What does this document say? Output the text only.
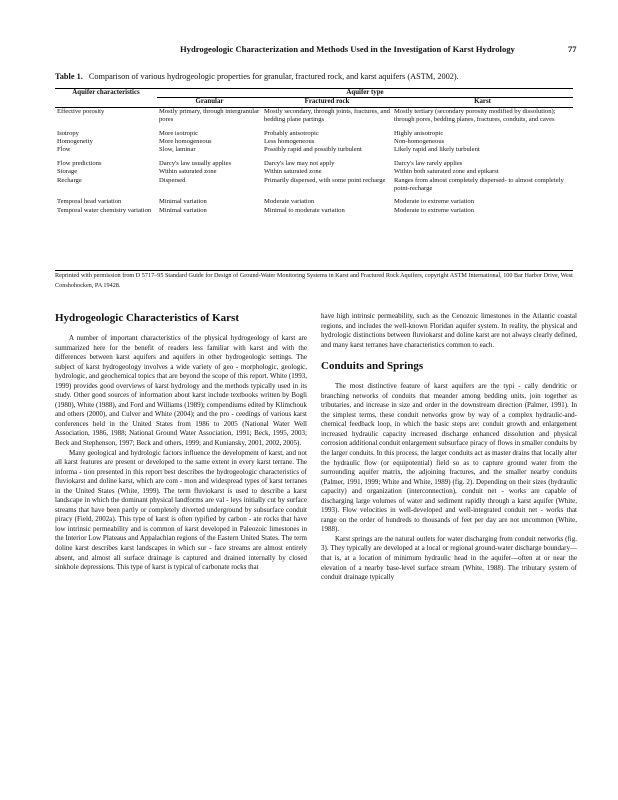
Hydrogeologic Characterization and Methods Used in the Investigation of Karst Hydrology	77
Table 1. Comparison of various hydrogeologic properties for granular, fractured rock, and karst aquifers (ASTM, 2002).
Aquifer characteristics	Aquifer type		
	Granular	Fractured rock	Karst
Effective porosity	Mostly primary, through intergranular pores	Mostly secondary, through joints, fractures, and bedding plane partings	Mostly tertiary (secondary porosity modified by dissolution); through pores, bedding planes, fractures, conduits, and caves

Isotropy	More isotropic	Probably anisotropic	Highly anisotropic
Homogeneity	More homogeneous	Less homogeneous	Non-homogeneous
Flow	Slow, laminar	Possibly rapid and possibly turbulent	Likely rapid and likely turbulent

Flow predictions	Darcy's law usually applies	Darcy's law may not apply	Darcy's law rarely applies
Storage	Within saturated zone	Within saturated zone	Within both saturated zone and epikarst
Recharge	Dispersed	Primarily dispersed, with some point recharge	Ranges from almost completely dispersed- to almost completely point-recharge

Temporal head variation	Minimal variation	Moderate variation	Moderate to extreme variation
Temporal water chemistry variation	Minimal variation	Minimal to moderate variation	Moderate to extreme variation
Reprinted with permission from D 5717–95 Standard Guide for Design of Ground-Water Monitoring Systems in Karst and Fractured Rock Aquifers, copyright ASTM International, 100 Bar Harbor Drive, West Conshohocken, PA 19428.
Hydrogeologic Characteristics of Karst

A number of important characteristics of the physical hydrogeology of karst are summarized here for the benefit of readers less familiar with karst and with the differences between karst aquifers and aquifers in other hydrogeologic settings. The subject of karst hydrogeology involves a wide variety of geo - morphologic, geologic, hydrologic, and geochemical topics that are beyond the scope of this report. White (1993, 1999) provides good overviews of karst hydrology and the methods typically used in its study. Other good sources of information about karst include textbooks written by Bogli (1980), White (1988), and Ford and Williams (1989); compendiums edited by Klimchouk and others (2000), and Culver and White (2004); and the pro - ceedings of various karst conferences held in the United States from 1986 to 2005 (National Water Well Association, 1986, 1988; National Ground Water Association, 1991; Beck, 1995, 2003; Beck and Stephenson, 1997; Beck and others, 1999; and Kuniansky, 2001, 2002, 2005).

Many geological and hydrologic factors influence the development of karst, and not all karst features are present or developed to the same extent in every karst terrane. The informa - tion presented in this report best describes the hydrogeologic characteristics of fluviokarst and doline karst, which are com - mon and widespread types of karst terranes in the United States (White, 1999). The term fluviokarst is used to describe a karst landscape in which the dominant physical landforms are val - leys initially cut by surface streams that have been partly or completely diverted underground by subsurface conduit piracy (Field, 2002a). This type of karst is often typified by carbon - ate rocks that have low intrinsic permeability and is common of karst developed in Paleozoic limestones in the Interior Low Plateaus and Appalachian regions of the Eastern United States. The term doline karst describes karst landscapes in which sur - face streams are almost entirely absent, and almost all surface drainage is captured and drained internally by closed sinkhole depressions. This type of karst is typical of carbonate rocks that

have high intrinsic permeability, such as the Cenozoic limestones in the Atlantic coastal regions, and includes the well-known Floridan aquifer system. In reality, the physical and hydrologic distinctions between fluviokarst and doline karst are not always clearly defined, and many karst terranes have characteristics common to each.

Conduits and Springs

The most distinctive feature of karst aquifers are the typi - cally dendritic or branching networks of conduits that meander among bedding units, join together as tributaries, and increase in size and order in the downstream direction (Palmer, 1991). In the simplest terms, these conduit networks grow by way of a complex hydraulic-and-chemical feedback loop, in which the basic steps are: conduit growth and enlargement increased hydraulic capacity increased discharge enhanced dissolution and physical corrosion additional conduit enlargement subsurface piracy of flows in smaller conduits by the larger conduits. In this process, the larger conduits act as master drains that locally alter the hydraulic flow (or equipotential) field so as to capture ground water from the surrounding aquifer matrix, the adjoining fractures, and the smaller nearby conduits (Palmer, 1991, 1999; White and White, 1989) (fig. 2). Depending on their sizes (hydraulic capacity) and organization (interconnection), conduit net - works are capable of discharging large volumes of water and sediment rapidly through a karst aquifer (White, 1993). Flow velocities in well-developed and well-integrated conduit net - works that range on the order of hundreds to thousands of feet per day are not uncommon (White, 1988).

Karst springs are the natural outlets for water discharging from conduit networks (fig. 3). They typically are developed at a local or regional ground-water discharge boundary—that is, at a location of minimum hydraulic head in the aquifer—often at or near the elevation of a nearby base-level surface stream (White, 1988). The tributary system of conduit drainage typically
